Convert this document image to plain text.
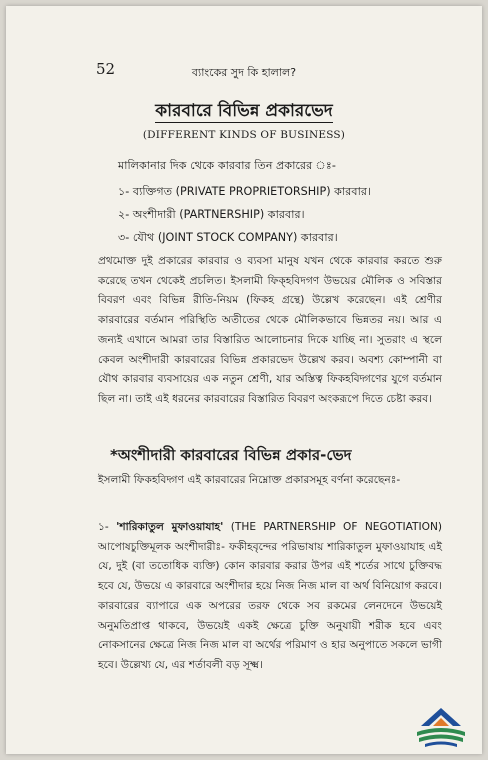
52	ব্যাংকের সুদ কি হালাল?
কারবারে বিভিন্ন প্রকারভেদ
(DIFFERENT KINDS OF BUSINESS)
মালিকানার দিক থেকে কারবার তিন প্রকারের ঃ-
১- ব্যক্তিগত (PRIVATE PROPRIETORSHIP) কারবার।
২- অংশীদারী (PARTNERSHIP) কারবার।
৩- যৌথ (JOINT STOCK COMPANY) কারবার।
প্রথমোক্ত দুই প্রকারের কারবার ও ব্যবসা মানুষ যখন থেকে কারবার করতে শুরু করেছে তখন থেকেই প্রচলিত। ইসলামী ফিক্হবিদগণ উভয়ের মৌলিক ও সবিস্তার বিবরণ এবং বিভিন্ন রীতি-নিয়ম (ফিকহ গ্রন্থে) উল্লেখ করেছেন। এই শ্রেণীর কারবারের বর্তমান পরিস্থিতি অতীতের থেকে মৌলিকভাবে ভিন্নতর নয়। আর এ জন্যই এখানে আমরা তার বিস্তারিত আলোচনার দিকে যাচ্ছি না। সুতরাং এ স্থলে কেবল অংশীদারী কারবারের বিভিন্ন প্রকারভেদ উল্লেখ করব। অবশ্য কোম্পানী বা যৌথ কারবার ব্যবসায়ের এক নতুন শ্রেণী, যার অস্তিত্ব ফিকহবিদ্গণের যুগে বর্তমান ছিল না। তাই এই ধরনের কারবারের বিস্তারিত বিবরণ অংকরূপে দিতে চেষ্টা করব।
*অংশীদারী কারবারের বিভিন্ন প্রকার-ভেদ
ইসলামী ফিকহবিদ্গণ এই কারবারের নিম্নোক্ত প্রকারসমূহ বর্ণনা করেছেনঃ-
১- 'শারিকাতুল মুফাওয়াযাহ' (THE PARTNERSHIP OF NEGOTIATION) আপোষচুক্তিমূলক অংশীদারীঃ- ফকীহবৃন্দের পরিভাষায় শারিকাতুল মুফাওয়াযাহ এই যে, দুই (বা ততোধিক ব্যক্তি) কোন কারবার করার উপর এই শর্তের সাথে চুক্তিবদ্ধ হবে যে, উভয়ে এ কারবারে অংশীদার হয়ে নিজ নিজ মাল বা অর্থ বিনিয়োগ করবে। কারবারের ব্যাপারে এক অপরের তরফ থেকে সব রকমের লেনদেনে উভয়েই অনুমতিপ্রাপ্ত থাকবে, উভয়েই একই ক্ষেত্রে চুক্তি অনুযায়ী শরীক হবে এবং নোকসানের ক্ষেত্রে নিজ নিজ মাল বা অর্থের পরিমাণ ও হার অনুপাতে সকলে ভাগী হবে। উল্লেখ্য যে, এর শর্তাবলী বড় সূক্ষ্ম।
